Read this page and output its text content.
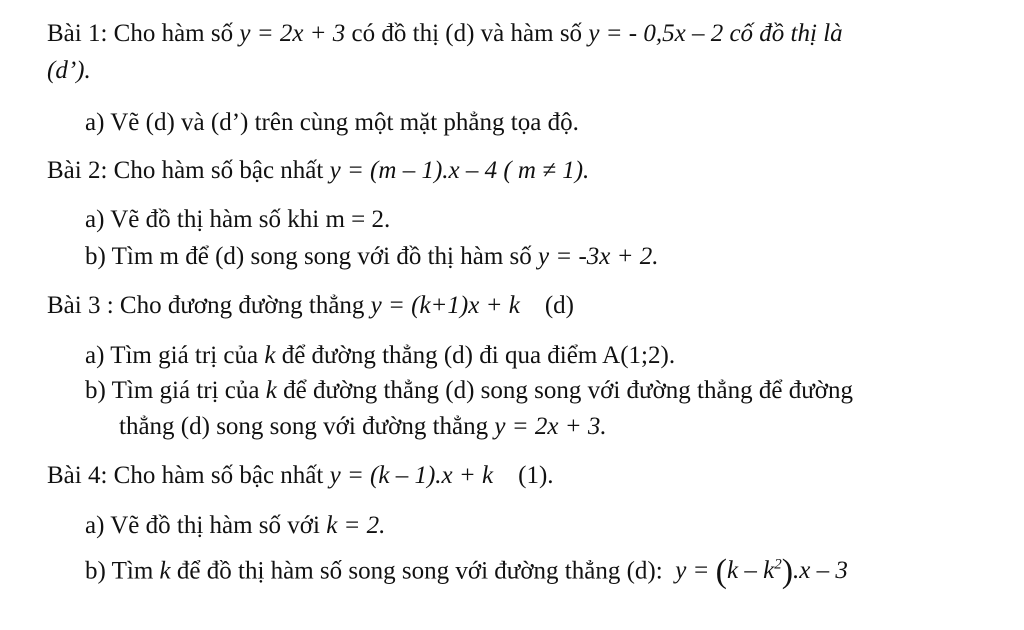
Bài 1: Cho hàm số y = 2x + 3 có đồ thị (d) và hàm số y = - 0,5x – 2 cố đồ thị là
(d’).
a) Vẽ (d) và (d’) trên cùng một mặt phẳng tọa độ.
Bài 2: Cho hàm số bậc nhất y = (m – 1).x – 4 ( m ≠ 1).
a) Vẽ đồ thị hàm số khi m = 2.
b) Tìm m để (d) song song với đồ thị hàm số y = -3x + 2.
Bài 3 : Cho đương đường thẳng y = (k+1)x + k    (d)
a) Tìm giá trị của k để đường thẳng (d) đi qua điểm A(1;2).
b) Tìm giá trị của k để đường thẳng (d) song song với đường thẳng để đường
thẳng (d) song song với đường thẳng y = 2x + 3.
Bài 4: Cho hàm số bậc nhất y = (k – 1).x + k    (1).
a) Vẽ đồ thị hàm số với k = 2.
b) Tìm k để đồ thị hàm số song song với đường thẳng (d):  $y = (k - k^2).x - 3$
